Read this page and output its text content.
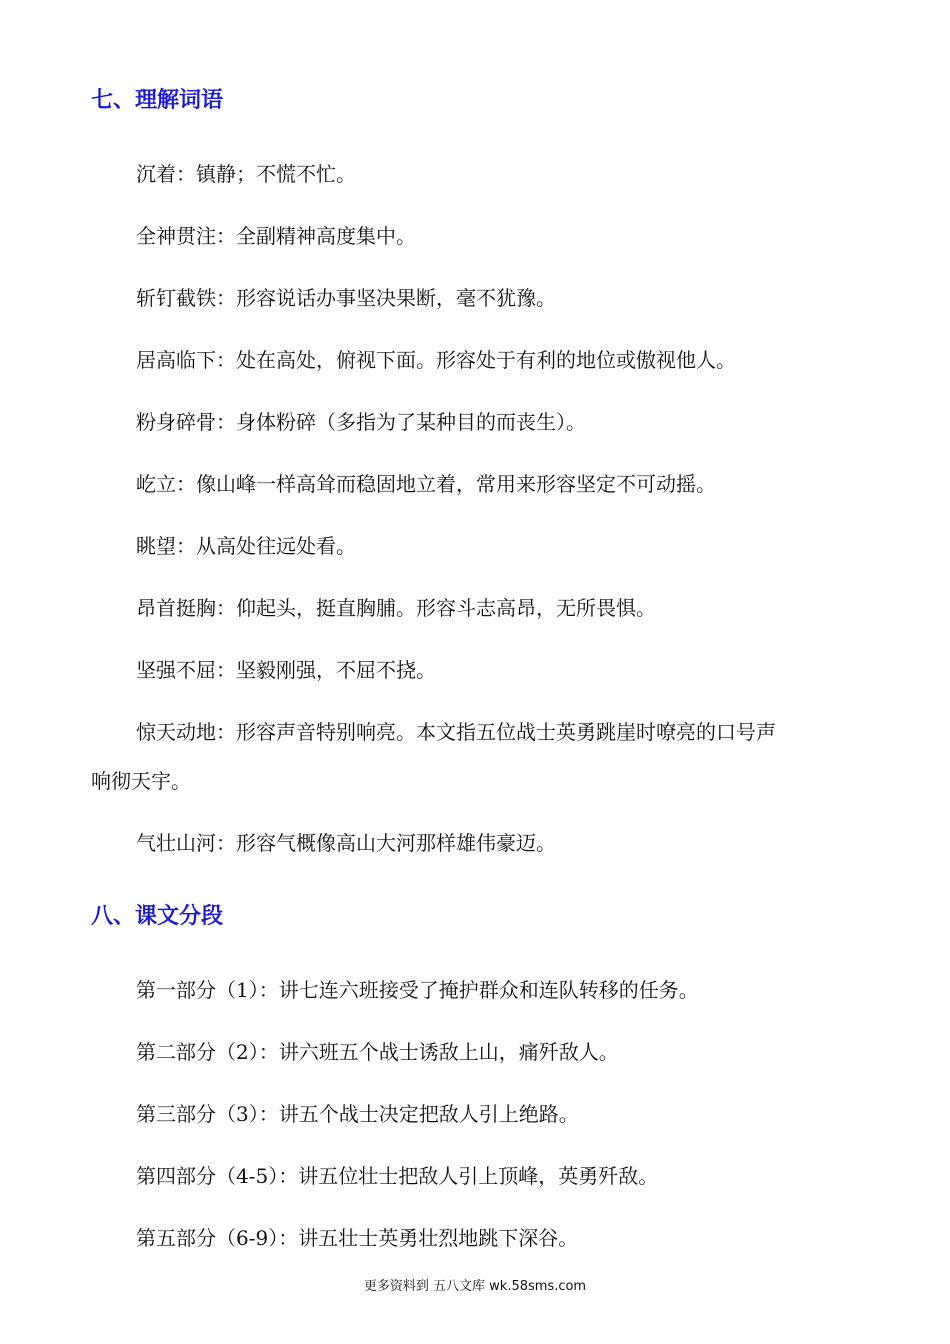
七、理解词语

沉着：镇静；不慌不忙。

全神贯注：全副精神高度集中。

斩钉截铁：形容说话办事坚决果断，毫不犹豫。

居高临下：处在高处，俯视下面。形容处于有利的地位或傲视他人。

粉身碎骨：身体粉碎（多指为了某种目的而丧生）。

屹立：像山峰一样高耸而稳固地立着，常用来形容坚定不可动摇。

眺望：从高处往远处看。

昂首挺胸：仰起头，挺直胸脯。形容斗志高昂，无所畏惧。

坚强不屈：坚毅刚强，不屈不挠。

惊天动地：形容声音特别响亮。本文指五位战士英勇跳崖时嘹亮的口号声

响彻天宇。

气壮山河：形容气概像高山大河那样雄伟豪迈。

八、课文分段

第一部分（1）：讲七连六班接受了掩护群众和连队转移的任务。

第二部分（2）：讲六班五个战士诱敌上山，痛歼敌人。

第三部分（3）：讲五个战士决定把敌人引上绝路。

第四部分（4-5）：讲五位壮士把敌人引上顶峰，英勇歼敌。

第五部分（6-9）：讲五壮士英勇壮烈地跳下深谷。

更多资料到 五八文库 wk.58sms.com
